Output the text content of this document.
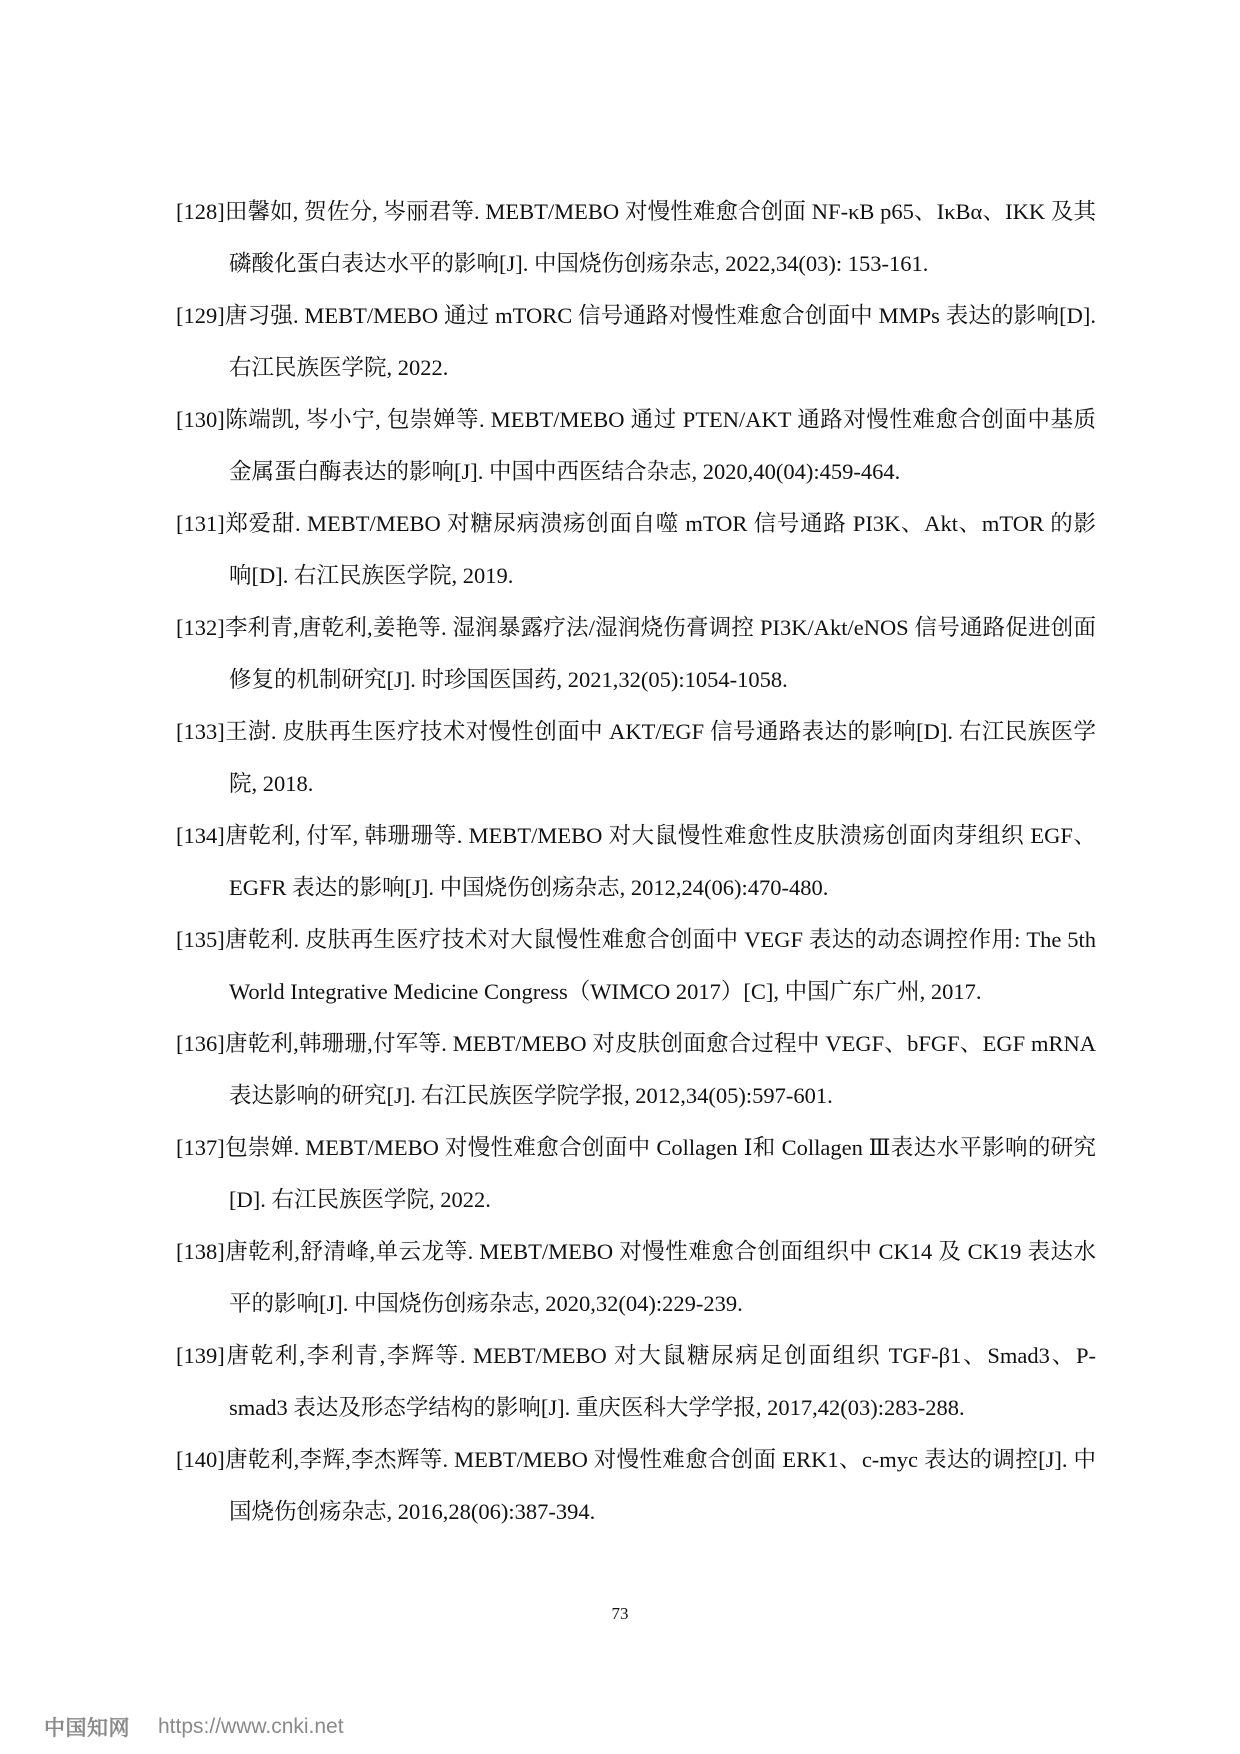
[128]田馨如, 贺佐分, 岑丽君等. MEBT/MEBO 对慢性难愈合创面 NF-κB p65、IκBα、IKK 及其磷酸化蛋白表达水平的影响[J]. 中国烧伤创疡杂志, 2022,34(03): 153-161.

[129]唐习强. MEBT/MEBO 通过 mTORC 信号通路对慢性难愈合创面中 MMPs 表达的影响[D]. 右江民族医学院, 2022.

[130]陈端凯, 岑小宁, 包崇婵等. MEBT/MEBO 通过 PTEN/AKT 通路对慢性难愈合创面中基质金属蛋白酶表达的影响[J]. 中国中西医结合杂志, 2020,40(04):459-464.

[131]郑爱甜. MEBT/MEBO 对糖尿病溃疡创面自噬 mTOR 信号通路 PI3K、Akt、mTOR 的影响[D]. 右江民族医学院, 2019.

[132]李利青,唐乾利,姜艳等. 湿润暴露疗法/湿润烧伤膏调控 PI3K/Akt/eNOS 信号通路促进创面修复的机制研究[J]. 时珍国医国药, 2021,32(05):1054-1058.

[133]王澍. 皮肤再生医疗技术对慢性创面中 AKT/EGF 信号通路表达的影响[D]. 右江民族医学院, 2018.

[134]唐乾利, 付军, 韩珊珊等. MEBT/MEBO 对大鼠慢性难愈性皮肤溃疡创面肉芽组织 EGF、EGFR 表达的影响[J]. 中国烧伤创疡杂志, 2012,24(06):470-480.

[135]唐乾利. 皮肤再生医疗技术对大鼠慢性难愈合创面中 VEGF 表达的动态调控作用: The 5th World Integrative Medicine Congress（WIMCO 2017）[C], 中国广东广州, 2017.

[136]唐乾利,韩珊珊,付军等. MEBT/MEBO 对皮肤创面愈合过程中 VEGF、bFGF、EGF mRNA 表达影响的研究[J]. 右江民族医学院学报, 2012,34(05):597-601.

[137]包崇婵. MEBT/MEBO 对慢性难愈合创面中 Collagen Ⅰ和 Collagen Ⅲ表达水平影响的研究[D]. 右江民族医学院, 2022.

[138]唐乾利,舒清峰,单云龙等. MEBT/MEBO 对慢性难愈合创面组织中 CK14 及 CK19 表达水平的影响[J]. 中国烧伤创疡杂志, 2020,32(04):229-239.

[139]唐乾利,李利青,李辉等. MEBT/MEBO 对大鼠糖尿病足创面组织 TGF-β1、Smad3、P-smad3 表达及形态学结构的影响[J]. 重庆医科大学学报, 2017,42(03):283-288.

[140]唐乾利,李辉,李杰辉等. MEBT/MEBO 对慢性难愈合创面 ERK1、c-myc 表达的调控[J]. 中国烧伤创疡杂志, 2016,28(06):387-394.

73
中国知网 https://www.cnki.net
